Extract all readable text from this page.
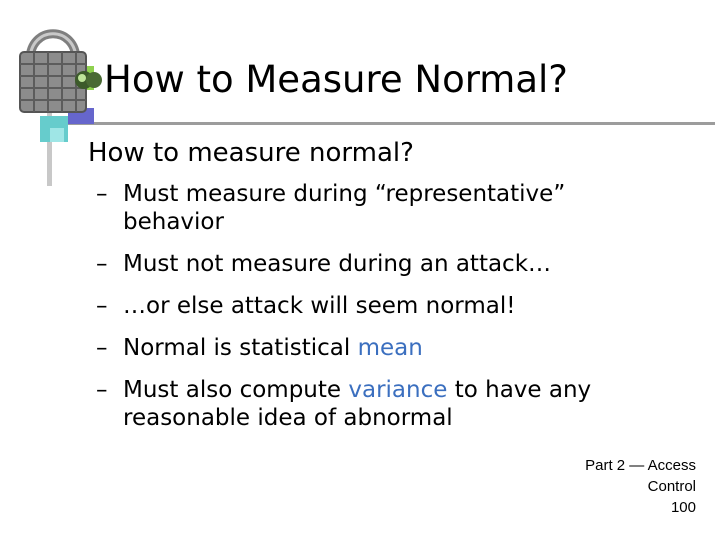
How to Measure Normal?
How to measure normal?
– Must measure during “representative” behavior
– Must not measure during an attack…
– …or else attack will seem normal!
– Normal is statistical mean
– Must also compute variance to have any reasonable idea of abnormal
Part 2 — Access
Control
100
